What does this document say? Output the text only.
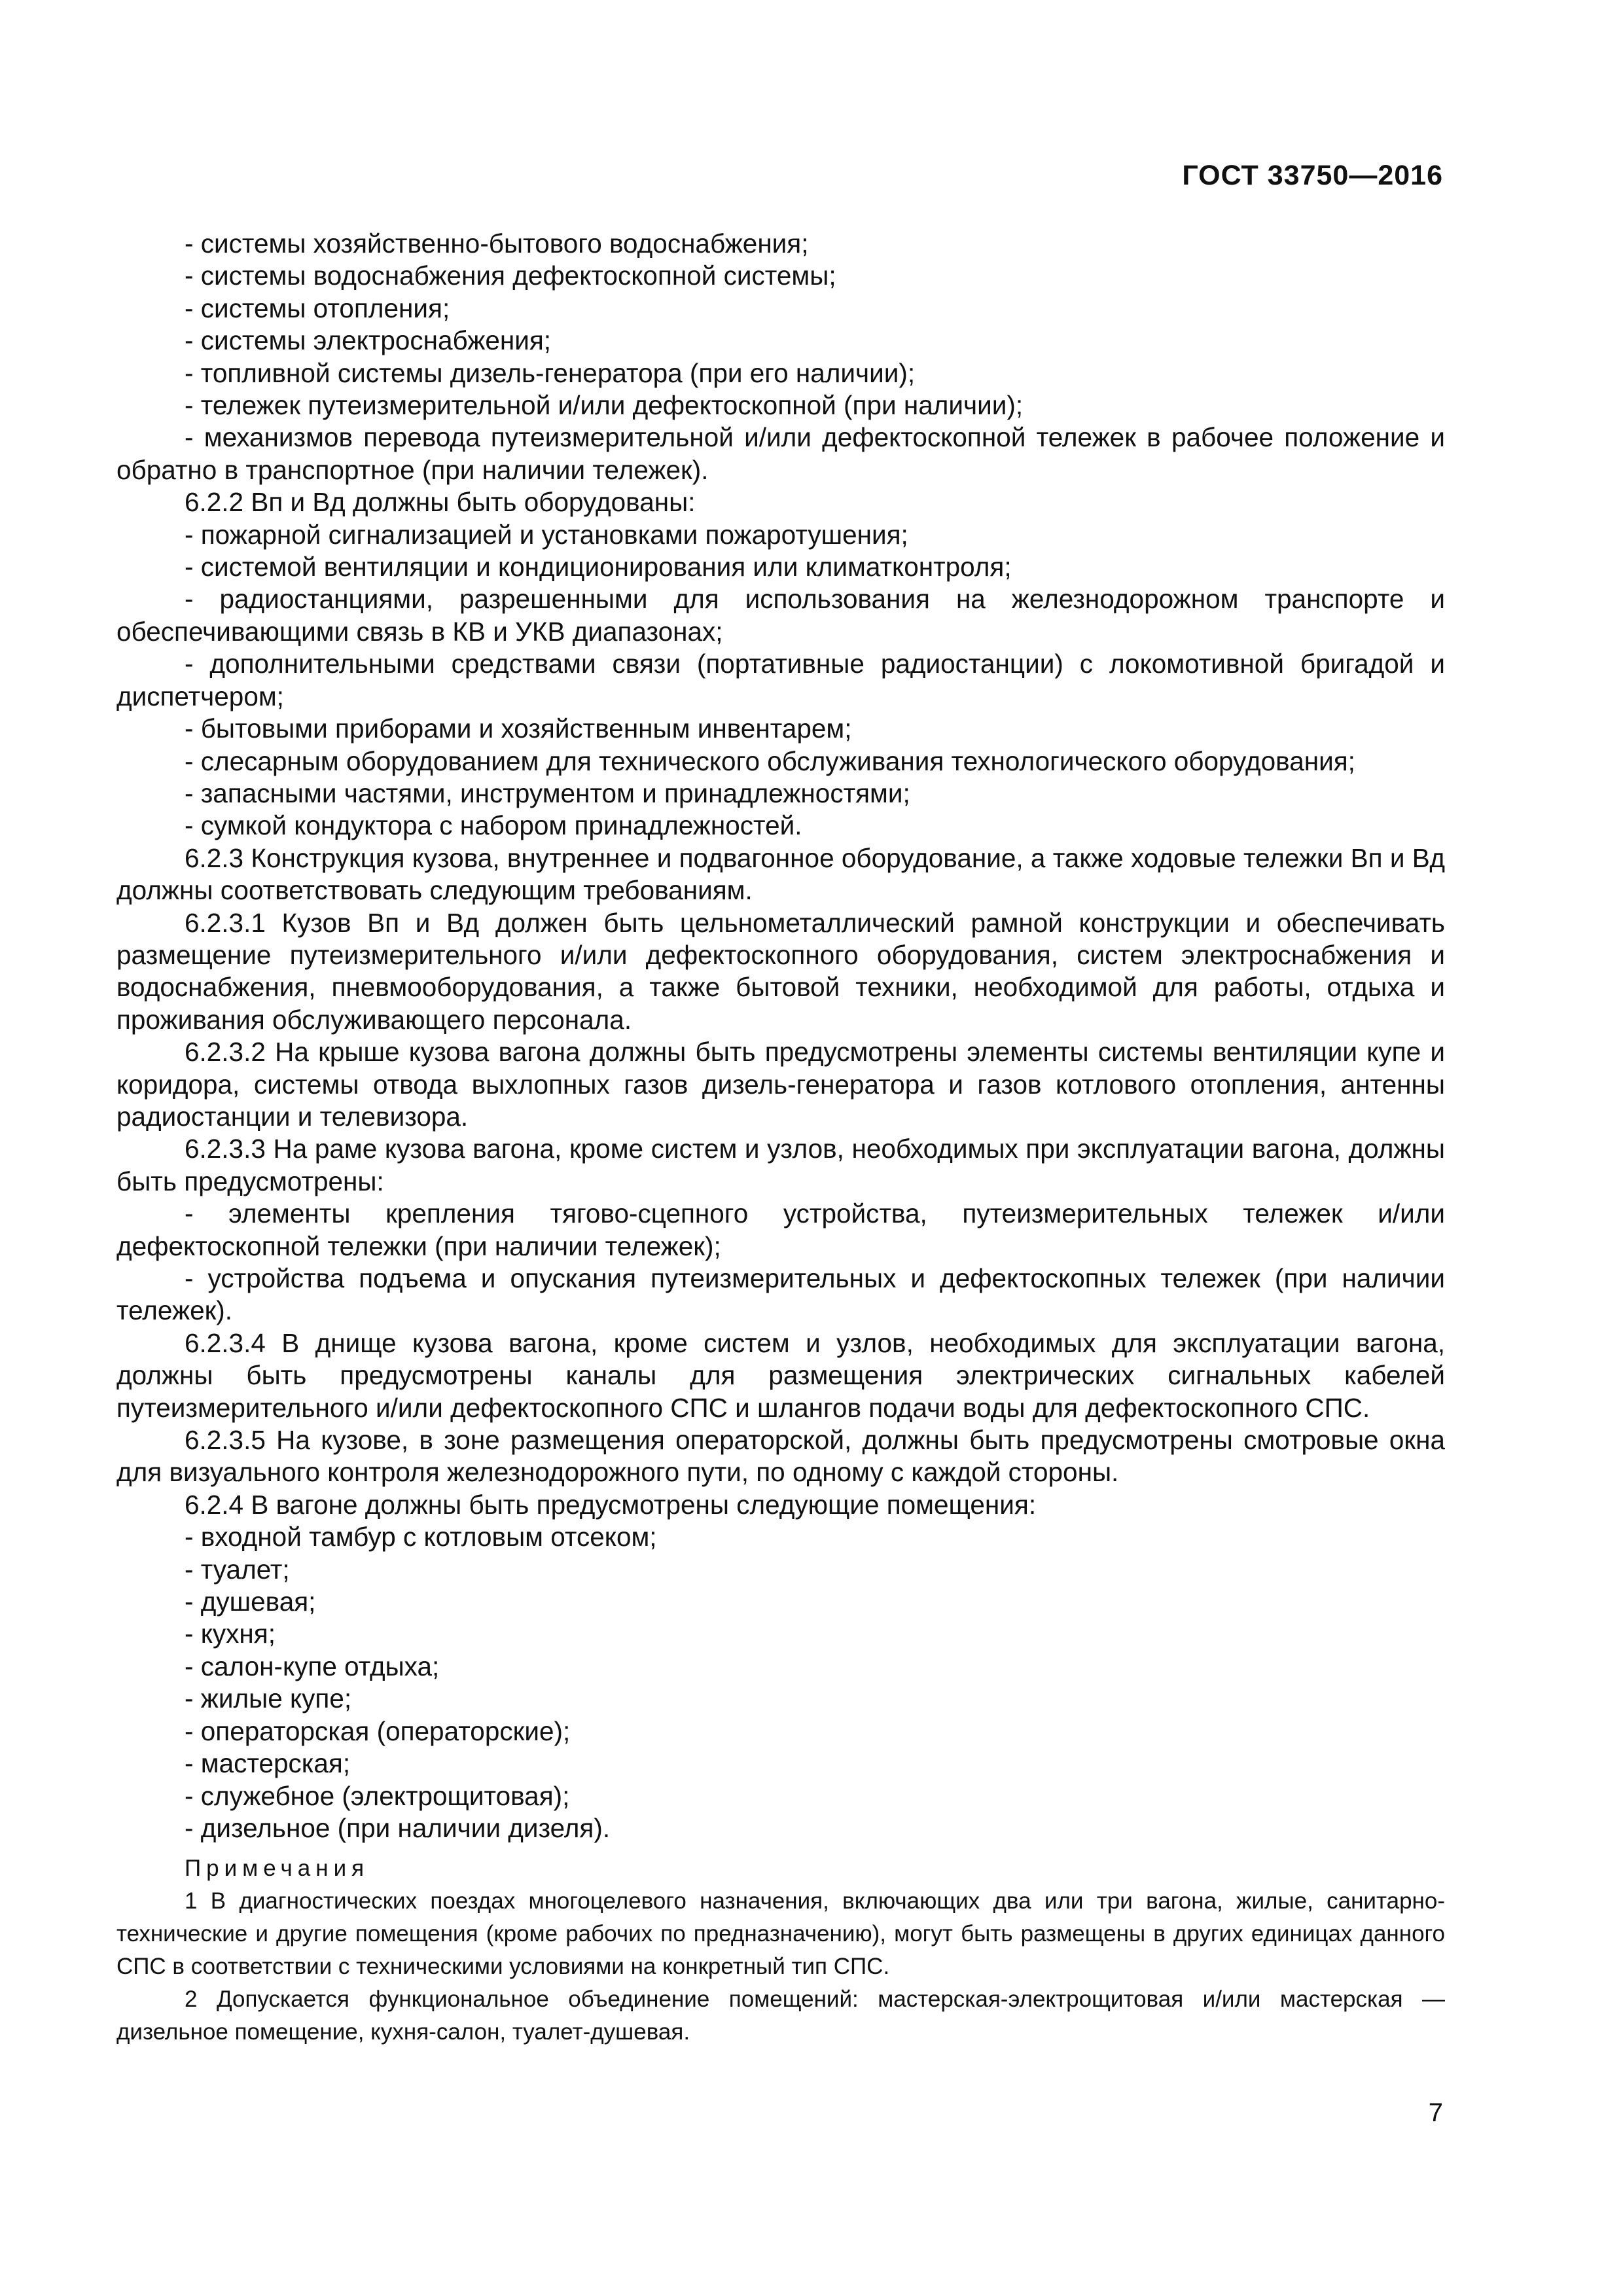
ГОСТ 33750—2016

- системы хозяйственно-бытового водоснабжения;

- системы водоснабжения дефектоскопной системы;

- системы отопления;

- системы электроснабжения;

- топливной системы дизель-генератора (при его наличии);

- тележек путеизмерительной и/или дефектоскопной (при наличии);

- механизмов перевода путеизмерительной и/или дефектоскопной тележек в рабочее положение и обратно в транспортное (при наличии тележек).

6.2.2 Вп и Вд должны быть оборудованы:

- пожарной сигнализацией и установками пожаротушения;

- системой вентиляции и кондиционирования или климатконтроля;

- радиостанциями, разрешенными для использования на железнодорожном транспорте и обеспечивающими связь в КВ и УКВ диапазонах;

- дополнительными средствами связи (портативные радиостанции) с локомотивной бригадой и диспетчером;

- бытовыми приборами и хозяйственным инвентарем;

- слесарным оборудованием для технического обслуживания технологического оборудования;

- запасными частями, инструментом и принадлежностями;

- сумкой кондуктора с набором принадлежностей.

6.2.3 Конструкция кузова, внутреннее и подвагонное оборудование, а также ходовые тележки Вп и Вд должны соответствовать следующим требованиям.

6.2.3.1 Кузов Вп и Вд должен быть цельнометаллический рамной конструкции и обеспечивать размещение путеизмерительного и/или дефектоскопного оборудования, систем электроснабжения и водоснабжения, пневмооборудования, а также бытовой техники, необходимой для работы, отдыха и проживания обслуживающего персонала.

6.2.3.2 На крыше кузова вагона должны быть предусмотрены элементы системы вентиляции купе и коридора, системы отвода выхлопных газов дизель-генератора и газов котлового отопления, антенны радиостанции и телевизора.

6.2.3.3 На раме кузова вагона, кроме систем и узлов, необходимых при эксплуатации вагона, должны быть предусмотрены:

- элементы крепления тягово-сцепного устройства, путеизмерительных тележек и/или дефектоскопной тележки (при наличии тележек);

- устройства подъема и опускания путеизмерительных и дефектоскопных тележек (при наличии тележек).

6.2.3.4 В днище кузова вагона, кроме систем и узлов, необходимых для эксплуатации вагона, должны быть предусмотрены каналы для размещения электрических сигнальных кабелей путеизмерительного и/или дефектоскопного СПС и шлангов подачи воды для дефектоскопного СПС.

6.2.3.5 На кузове, в зоне размещения операторской, должны быть предусмотрены смотровые окна для визуального контроля железнодорожного пути, по одному с каждой стороны.

6.2.4 В вагоне должны быть предусмотрены следующие помещения:

- входной тамбур с котловым отсеком;

- туалет;

- душевая;

- кухня;

- салон-купе отдыха;

- жилые купе;

- операторская (операторские);

- мастерская;

- служебное (электрощитовая);

- дизельное (при наличии дизеля).

Примечания

1 В диагностических поездах многоцелевого назначения, включающих два или три вагона, жилые, санитарно-технические и другие помещения (кроме рабочих по предназначению), могут быть размещены в других единицах данного СПС в соответствии с техническими условиями на конкретный тип СПС.

2 Допускается функциональное объединение помещений: мастерская-электрощитовая и/или мастерская — дизельное помещение, кухня-салон, туалет-душевая.

7
